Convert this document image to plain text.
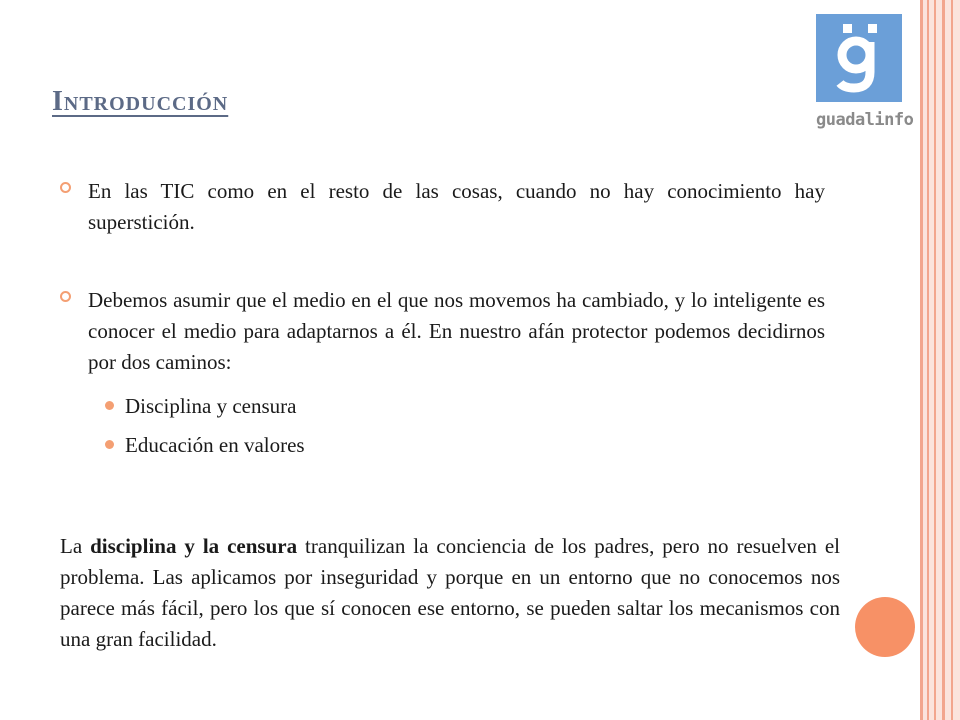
Introducción
guadalinfo
En las TIC como en el resto de las cosas, cuando no hay conocimiento hay superstición.
Debemos asumir que el medio en el que nos movemos ha cambiado, y lo inteligente es conocer el medio para adaptarnos a él. En nuestro afán protector podemos decidirnos por dos caminos:
Disciplina y censura
Educación en valores

La disciplina y la censura tranquilizan la conciencia de los padres, pero no resuelven el problema. Las aplicamos por inseguridad y porque en un entorno que no conocemos nos parece más fácil, pero los que sí conocen ese entorno, se pueden saltar los mecanismos con una gran facilidad.
